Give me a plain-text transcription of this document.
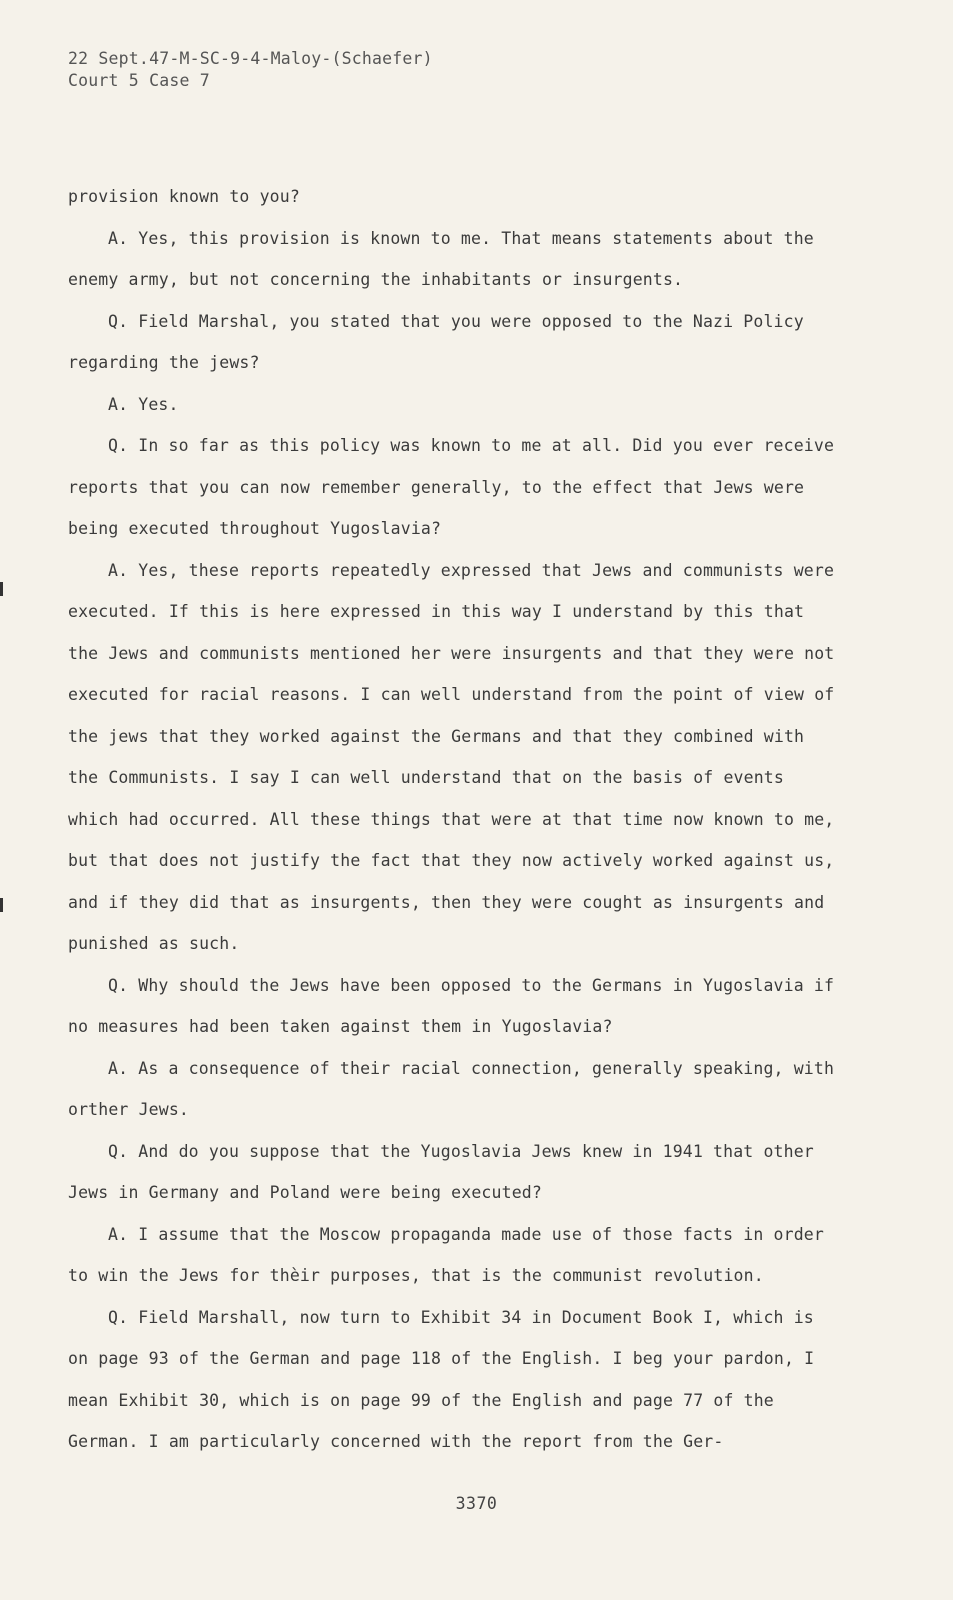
22 Sept.47-M-SC-9-4-Maloy-(Schaefer)
Court 5 Case 7

provision known to you?

A. Yes, this provision is known to me. That means statements about the enemy army, but not concerning the inhabitants or insurgents.

Q. Field Marshal, you stated that you were opposed to the Nazi Policy regarding the jews?

A. Yes.

Q. In so far as this policy was known to me at all. Did you ever receive reports that you can now remember generally, to the effect that Jews were being executed throughout Yugoslavia?

A. Yes, these reports repeatedly expressed that Jews and communists were executed. If this is here expressed in this way I understand by this that the Jews and communists mentioned her were insurgents and that they were not executed for racial reasons. I can well understand from the point of view of the jews that they worked against the Germans and that they combined with the Communists. I say I can well understand that on the basis of events which had occurred. All these things that were at that time now known to me, but that does not justify the fact that they now actively worked against us, and if they did that as insurgents, then they were cought as insurgents and punished as such.

Q. Why should the Jews have been opposed to the Germans in Yugoslavia if no measures had been taken against them in Yugoslavia?

A. As a consequence of their racial connection, generally speaking, with orther Jews.

Q. And do you suppose that the Yugoslavia Jews knew in 1941 that other Jews in Germany and Poland were being executed?

A. I assume that the Moscow propaganda made use of those facts in order to win the Jews for thèir purposes, that is the communist revolution.

Q. Field Marshall, now turn to Exhibit 34 in Document Book I, which is on page 93 of the German and page 118 of the English. I beg your pardon, I mean Exhibit 30, which is on page 99 of the English and page 77 of the German. I am particularly concerned with the report from the Ger-

3370
